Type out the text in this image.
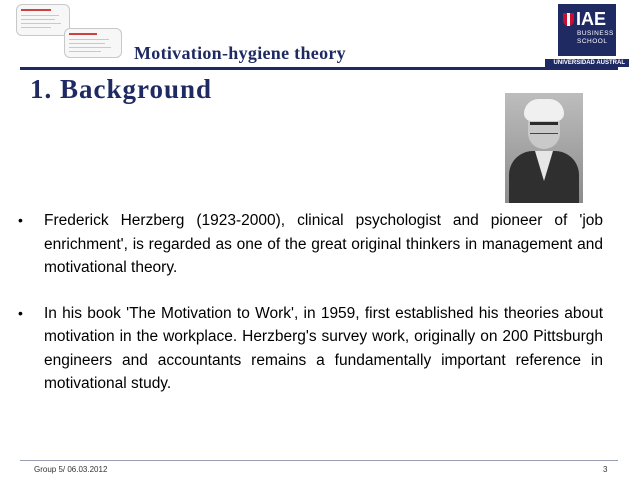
Motivation-hygiene theory
IAE
BUSINESS
SCHOOL
UNIVERSIDAD AUSTRAL
1. Background
• Frederick Herzberg (1923-2000), clinical psychologist and pioneer of 'job enrichment', is regarded as one of the great original thinkers in management and motivational theory.
• In his book 'The Motivation to Work', in 1959, first established his theories about motivation in the workplace. Herzberg's survey work, originally on 200 Pittsburgh engineers and accountants remains a fundamentally important reference in motivational study.
Group 5/ 06.03.2012	3
